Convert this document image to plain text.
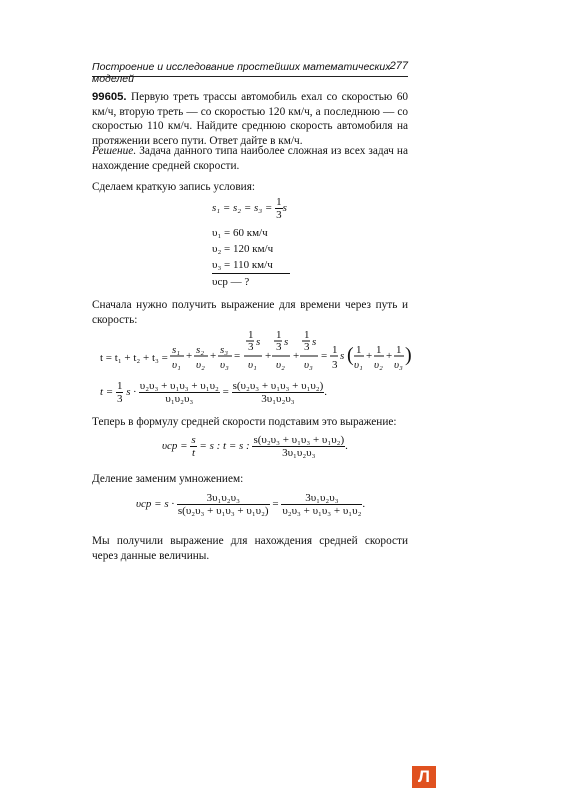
Построение и исследование простейших математических моделей
277
99605. Первую треть трассы автомобиль ехал со скоростью 60 км/ч, вторую треть — со скоростью 120 км/ч, а последнюю — со скоростью 110 км/ч. Найдите среднюю скорость автомобиля на протяжении всего пути. Ответ дайте в км/ч.
Решение. Задача данного типа наиболее сложная из всех задач на нахождение средней скорости.
Сделаем краткую запись условия:
$s_1 = s_2 = s_3 = \frac{1}{3}$ s
υ₁ = 60 км/ч
υ₂ = 120 км/ч
υ₃ = 110 км/ч
υср — ?
Сначала нужно получить выражение для времени через путь и скорость:
t = t₁ + t₂ + t₃ =
s₁
υ₁
+ s₂
υ₂
+ s₃
υ₃
=
1
3 s
υ₁
+
1
3 s
υ₂
+
1
3 s
υ₃
= 1
3
s ( 1
υ₁
+ 1
υ₂
+ 1
υ₃ )
$t = \frac{1}{3}$ $s \cdot \frac{\text{υ₂υ₃ + υ₁υ₃ + υ₁υ₂}}{\text{υ₁υ₂υ₃}} = \frac{\text{s(υ₂υ₃ + υ₁υ₃ + υ₁υ₂)}}{\text{3υ₁υ₂υ₃}}$ .
Теперь в формулу средней скорости подставим это выражение:
$\upsilon ср = \frac{s}{t} = s$ : t = s : $\frac{\text{s(υ₂υ₃ + υ₁υ₃ + υ₁υ₂)}}{\text{3υ₁υ₂υ₃}}$ .
Деление заменим умножением:
$\upsilon ср = s \cdot \frac{\text{3υ₁υ₂υ₃}}{\text{s(υ₂υ₃ + υ₁υ₃ + υ₁υ₂)}} = \frac{\text{3υ₁υ₂υ₃}}{\text{υ₂υ₃ + υ₁υ₃ + υ₁υ₂}}$ .
Мы получили выражение для нахождения средней скорости через данные величины.
Л
